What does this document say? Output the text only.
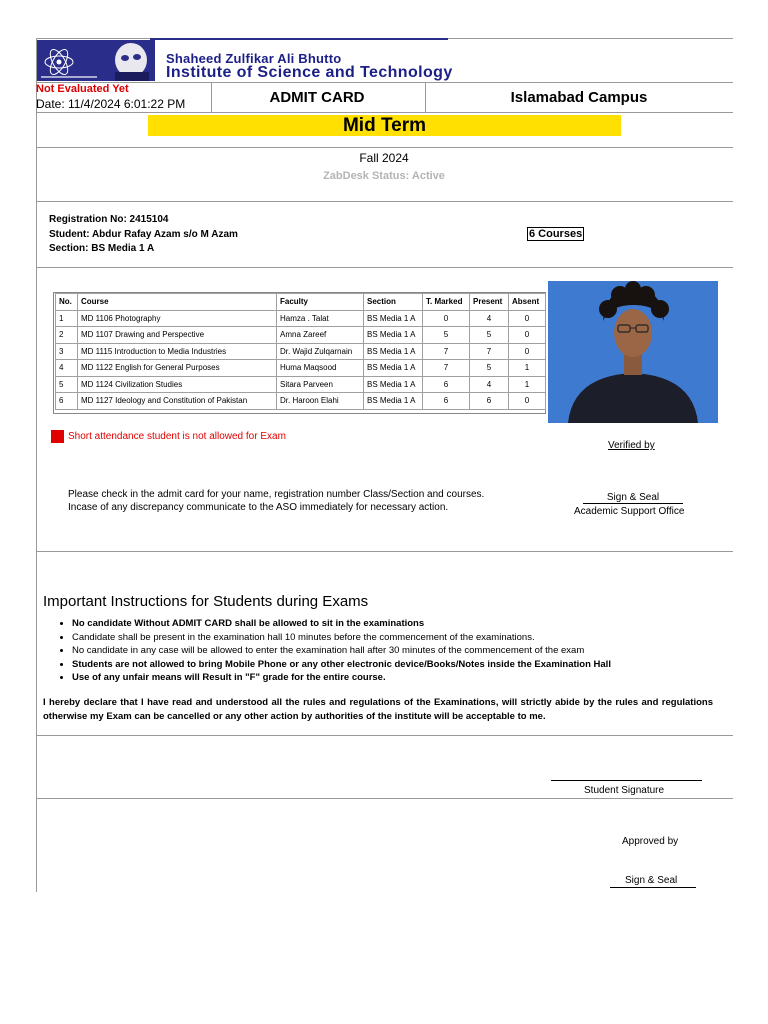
Shaheed Zulfikar Ali Bhutto
Institute of Science and Technology
Not Evaluated Yet
Date: 11/4/2024 6:01:22 PM	ADMIT CARD	Islamabad Campus
Mid Term
Fall 2024
ZabDesk Status: Active
Registration No: 2415104
Student: Abdur Rafay Azam s/o M Azam
Section: BS Media 1 A
6 Courses
No.	Course	Faculty	Section	T. Marked	Present	Absent
1	MD 1106 Photography	Hamza . Talat	BS Media 1 A	0	4	0
2	MD 1107 Drawing and Perspective	Amna Zareef	BS Media 1 A	5	5	0
3	MD 1115 Introduction to Media Industries	Dr. Wajid Zulqarnain	BS Media 1 A	7	7	0
4	MD 1122 English for General Purposes	Huma Maqsood	BS Media 1 A	7	5	1
5	MD 1124 Civilization Studies	Sitara Parveen	BS Media 1 A	6	4	1
6	MD 1127 Ideology and Constitution of Pakistan	Dr. Haroon Elahi	BS Media 1 A	6	6	0
Short attendance student is not allowed for Exam
Verified by
Please check in the admit card for your name, registration number Class/Section and courses.
Incase of any discrepancy communicate to the ASO immediately for necessary action.
Sign & Seal
Academic Support Office
Important Instructions for Students during Exams
• No candidate Without ADMIT CARD shall be allowed to sit in the examinations
• Candidate shall be present in the examination hall 10 minutes before the commencement of the examinations.
• No candidate in any case will be allowed to enter the examination hall after 30 minutes of the commencement of the exam
• Students are not allowed to bring Mobile Phone or any other electronic device/Books/Notes inside the Examination Hall
• Use of any unfair means will Result in "F" grade for the entire course.
I hereby declare that I have read and understood all the rules and regulations of the Examinations, will strictly abide by the rules and regulations otherwise my Exam can be cancelled or any other action by authorities of the institute will be acceptable to me.
Student Signature
Approved by
Sign & Seal
